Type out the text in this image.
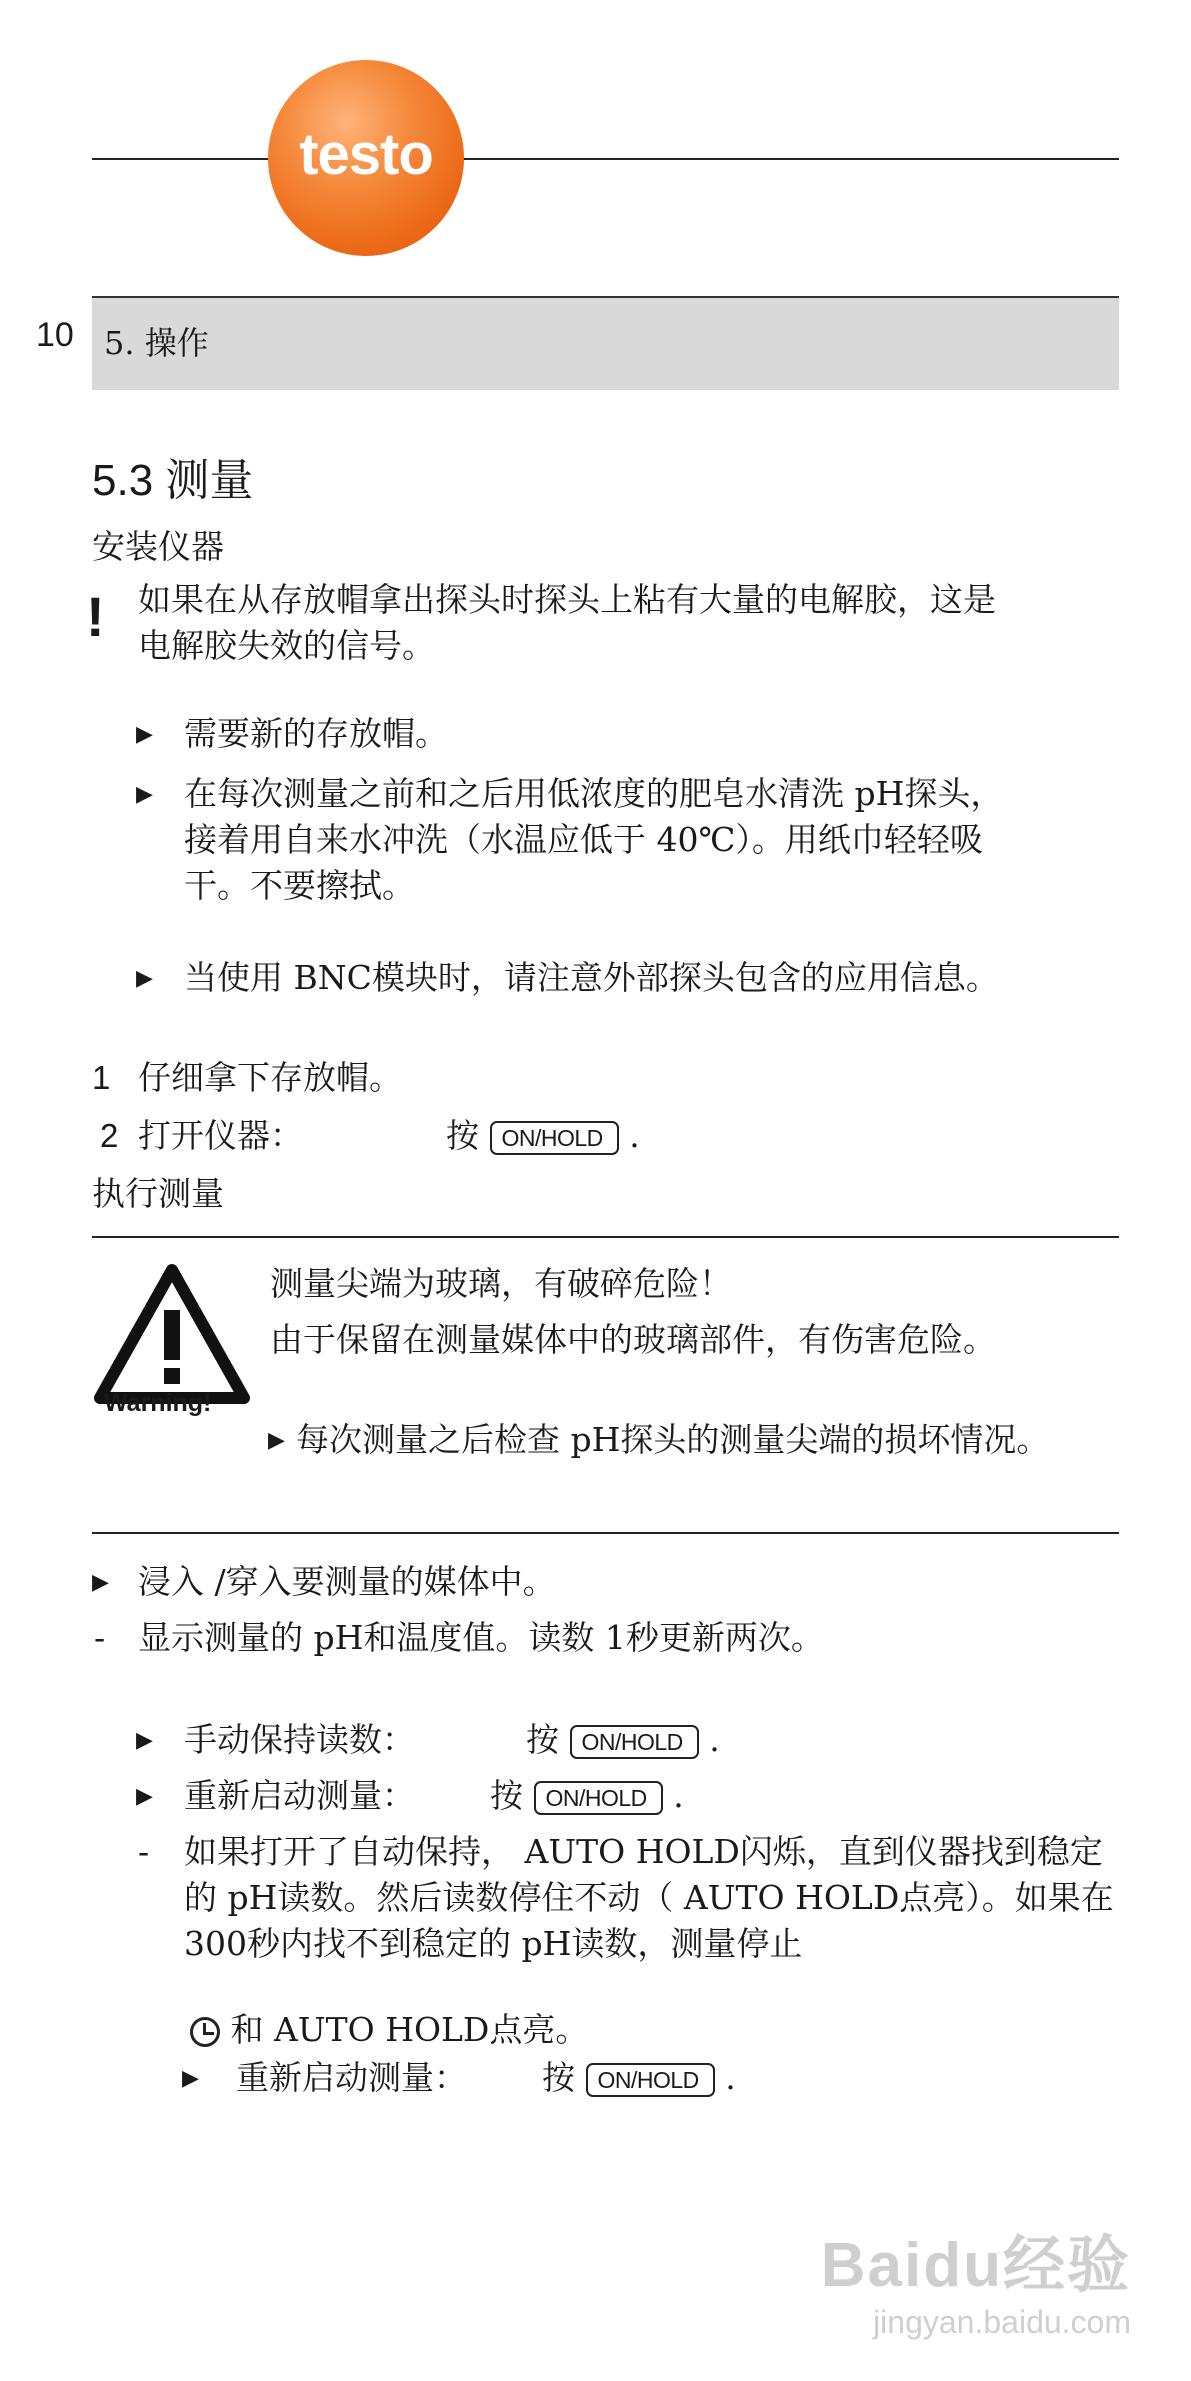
testo
10 5. 操作
5.3 测量
安装仪器
! 如果在从存放帽拿出探头时探头上粘有大量的电解胶，这是
电解胶失效的信号。
▶ 需要新的存放帽。
▶ 在每次测量之前和之后用低浓度的肥皂水清洗 pH探头，
接着用自来水冲洗（水温应低于 40℃）。用纸巾轻轻吸
干。不要擦拭。
▶ 当使用 BNC模块时，请注意外部探头包含的应用信息。
1 仔细拿下存放帽。
2 打开仪器：	按 ON/HOLD .
执行测量
Warning!
测量尖端为玻璃，有破碎危险！
由于保留在测量媒体中的玻璃部件，有伤害危险。
▶ 每次测量之后检查 pH探头的测量尖端的损坏情况。
▶ 浸入 /穿入要测量的媒体中。
- 显示测量的 pH和温度值。读数 1秒更新两次。
▶ 手动保持读数：	按 ON/HOLD .
▶ 重新启动测量： 按 ON/HOLD .
- 如果打开了自动保持， AUTO HOLD闪烁，直到仪器找到稳定
的 pH读数。然后读数停住不动（ AUTO HOLD点亮）。如果在
300秒内找不到稳定的 pH读数，测量停止
和 AUTO HOLD点亮。
▶ 重新启动测量： 按 ON/HOLD .
Baidu经验
jingyan.baidu.com
